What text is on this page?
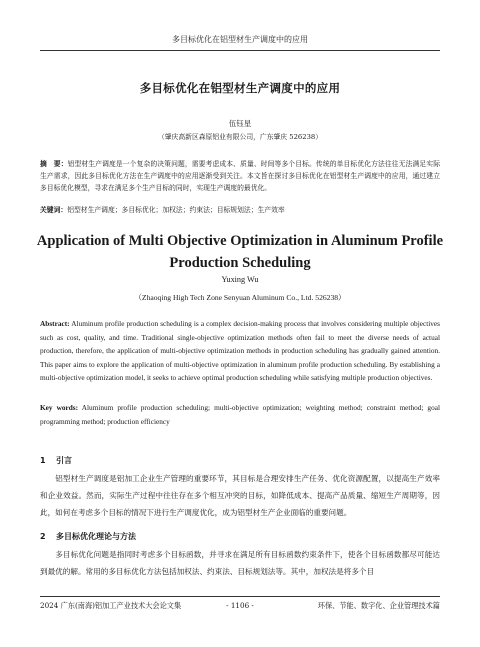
多目标优化在铝型材生产调度中的应用
多目标优化在铝型材生产调度中的应用
伍钰星
（肇庆高新区森原铝业有限公司，广东肇庆 526238）
摘　要：铝型材生产调度是一个复杂的决策问题，需要考虑成本、质量、时间等多个目标。传统的单目标优化方法往往无法满足实际生产需求，因此多目标优化方法在生产调度中的应用逐渐受到关注。本文旨在探讨多目标优化在铝型材生产调度中的应用，通过建立多目标优化模型，寻求在满足多个生产目标的同时，实现生产调度的最优化。
关键词：铝型材生产调度；多目标优化；加权法；约束法；目标规划法；生产效率
Application of Multi Objective Optimization in Aluminum Profile Production Scheduling
Yuxing Wu
（Zhaoqing High Tech Zone Senyuan Aluminum Co., Ltd. 526238）
Abstract: Aluminum profile production scheduling is a complex decision-making process that involves considering multiple objectives such as cost, quality, and time. Traditional single-objective optimization methods often fail to meet the diverse needs of actual production, therefore, the application of multi-objective optimization methods in production scheduling has gradually gained attention. This paper aims to explore the application of multi-objective optimization in aluminum profile production scheduling. By establishing a multi-objective optimization model, it seeks to achieve optimal production scheduling while satisfying multiple production objectives.
Key words: Aluminum profile production scheduling; multi-objective optimization; weighting method; constraint method; goal programming method; production efficiency
1 引言
铝型材生产调度是铝加工企业生产管理的重要环节，其目标是合理安排生产任务、优化资源配置，以提高生产效率和企业效益。然而，实际生产过程中往往存在多个相互冲突的目标，如降低成本、提高产品质量、缩短生产周期等，因此，如何在考虑多个目标的情况下进行生产调度优化，成为铝型材生产企业面临的重要问题。
2 多目标优化理论与方法
多目标优化问题是指同时考虑多个目标函数，并寻求在满足所有目标函数约束条件下，使各个目标函数都尽可能达到最优的解。常用的多目标优化方法包括加权法、约束法、目标规划法等。其中，加权法是将多个目
2024 广东(南海)铝加工产业技术大会论文集	- 1106 -	环保、节能、数字化、企业管理技术篇
